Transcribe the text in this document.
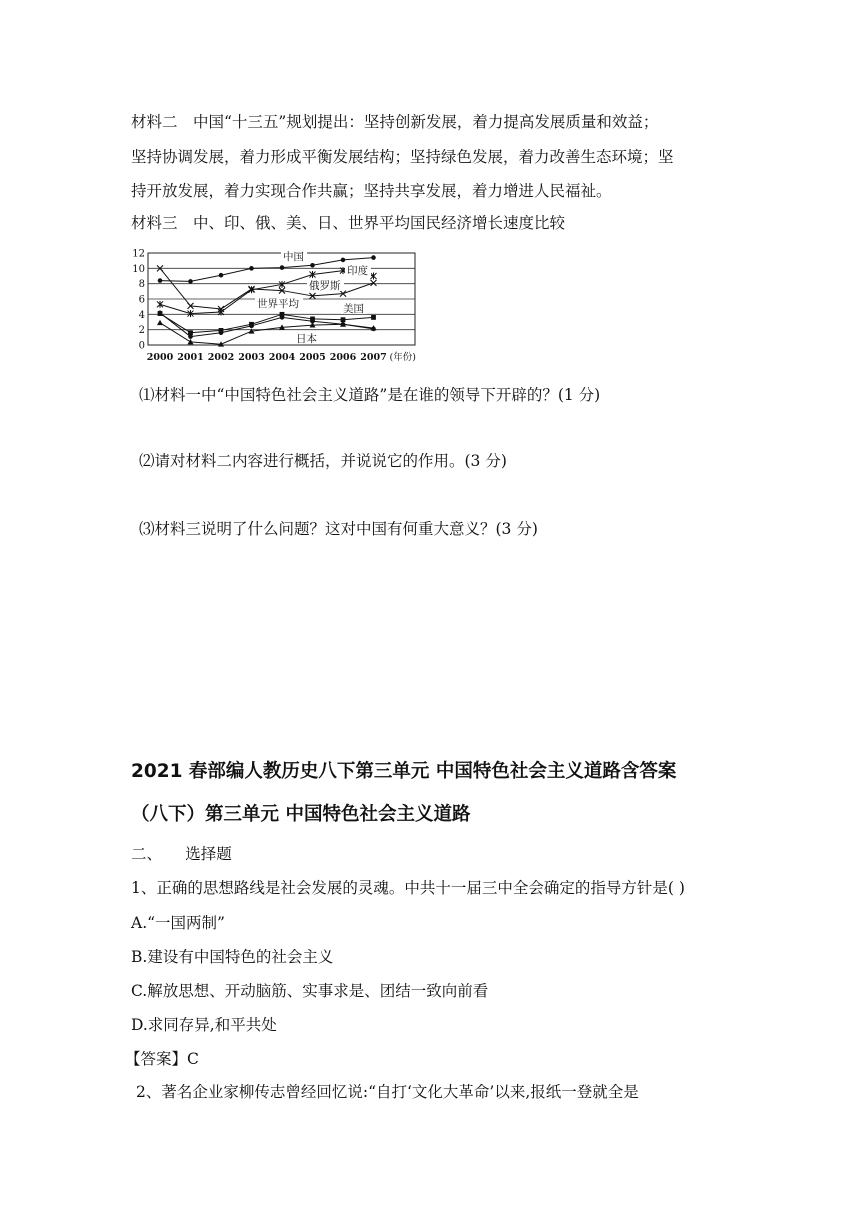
材料二　中国“十三五”规划提出：坚持创新发展，着力提高发展质量和效益；
坚持协调发展，着力形成平衡发展结构；坚持绿色发展，着力改善生态环境；坚
持开放发展，着力实现合作共赢；坚持共享发展，着力增进人民福祉。
材料三　中、印、俄、美、日、世界平均国民经济增长速度比较
0
2
4
6
8
10
12
2000 2001 2002 2003 2004 2005 2006 2007 (年份)
中国
印度
俄罗斯
世界平均	美国
日本
⑴材料一中“中国特色社会主义道路”是在谁的领导下开辟的？(1 分)
⑵请对材料二内容进行概括，并说说它的作用。(3 分)
⑶材料三说明了什么问题？这对中国有何重大意义？(3 分)
2021 春部编人教历史八下第三单元 中国特色社会主义道路含答案
（八下）第三单元 中国特色社会主义道路
二、　　选择题
1、正确的思想路线是社会发展的灵魂。中共十一届三中全会确定的指导方针是( )
A.“一国两制”
B.建设有中国特色的社会主义
C.解放思想、开动脑筋、实事求是、团结一致向前看
D.求同存异,和平共处
【答案】C
2、著名企业家柳传志曾经回忆说:“自打‘文化大革命’以来,报纸一登就全是
